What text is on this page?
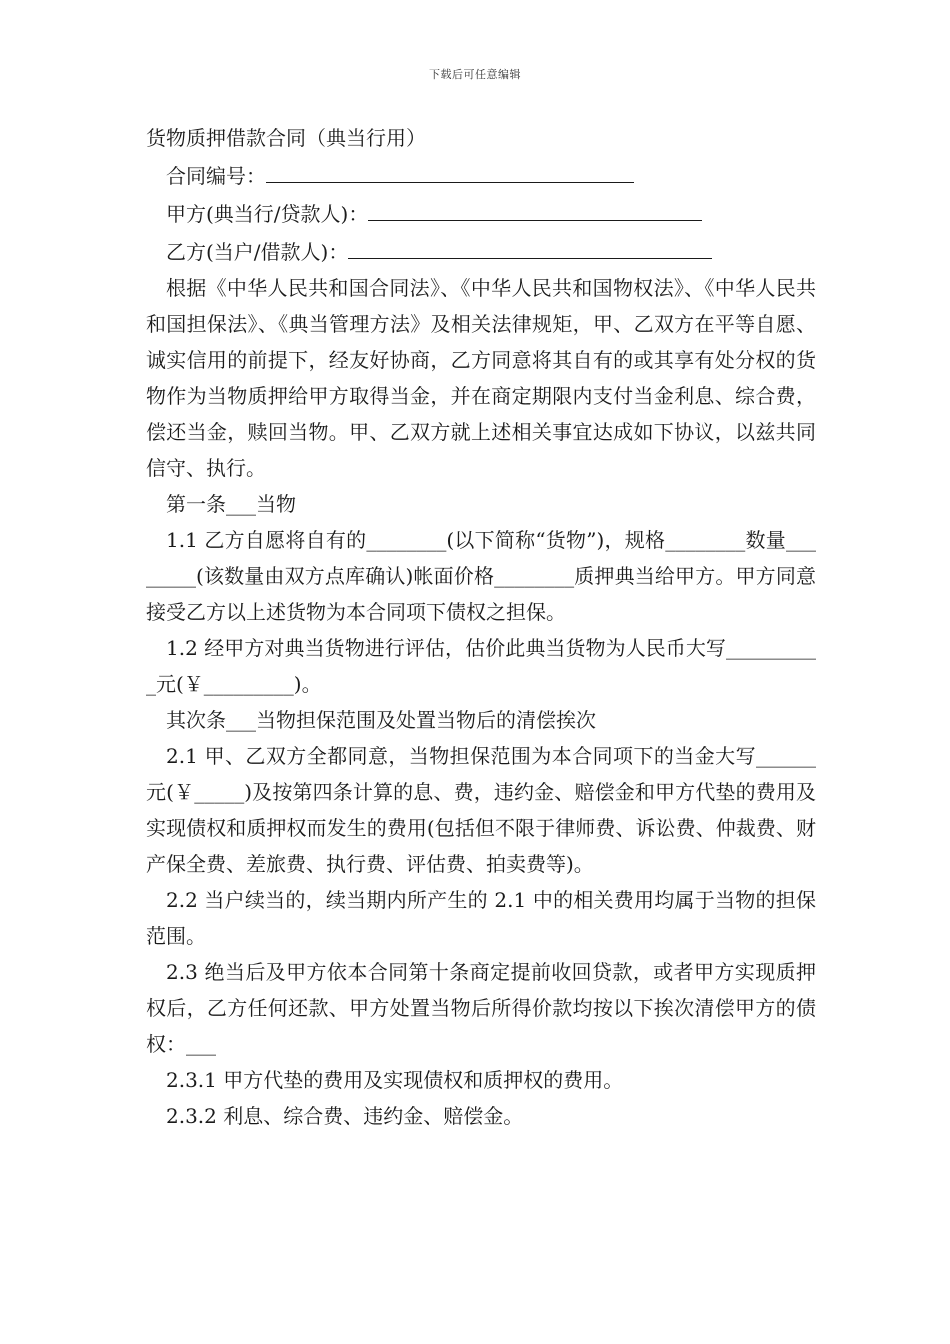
下载后可任意编辑

货物质押借款合同（典当行用）

合同编号：

甲方(典当行/贷款人)：

乙方(当户/借款人)：

根据《中华人民共和国合同法》、《中华人民共和国物权法》、《中华人民共和国担保法》、《典当管理方法》及相关法律规矩，甲、乙双方在平等自愿、诚实信用的前提下，经友好协商，乙方同意将其自有的或其享有处分权的货物作为当物质押给甲方取得当金，并在商定期限内支付当金利息、综合费，偿还当金，赎回当物。甲、乙双方就上述相关事宜达成如下协议，以兹共同信守、执行。

第一条___当物

1.1 乙方自愿将自有的________(以下简称“货物”)，规格________数量________(该数量由双方点库确认)帐面价格________质押典当给甲方。甲方同意接受乙方以上述货物为本合同项下债权之担保。

1.2 经甲方对典当货物进行评估，估价此典当货物为人民币大写__________元(￥_________)。

其次条___当物担保范围及处置当物后的清偿挨次

2.1 甲、乙双方全都同意，当物担保范围为本合同项下的当金大写______元(￥_____)及按第四条计算的息、费，违约金、赔偿金和甲方代垫的费用及实现债权和质押权而发生的费用(包括但不限于律师费、诉讼费、仲裁费、财产保全费、差旅费、执行费、评估费、拍卖费等)。

2.2 当户续当的，续当期内所产生的 2.1 中的相关费用均属于当物的担保范围。

2.3 绝当后及甲方依本合同第十条商定提前收回贷款，或者甲方实现质押权后，乙方任何还款、甲方处置当物后所得价款均按以下挨次清偿甲方的债权：___

2.3.1 甲方代垫的费用及实现债权和质押权的费用。

2.3.2 利息、综合费、违约金、赔偿金。
